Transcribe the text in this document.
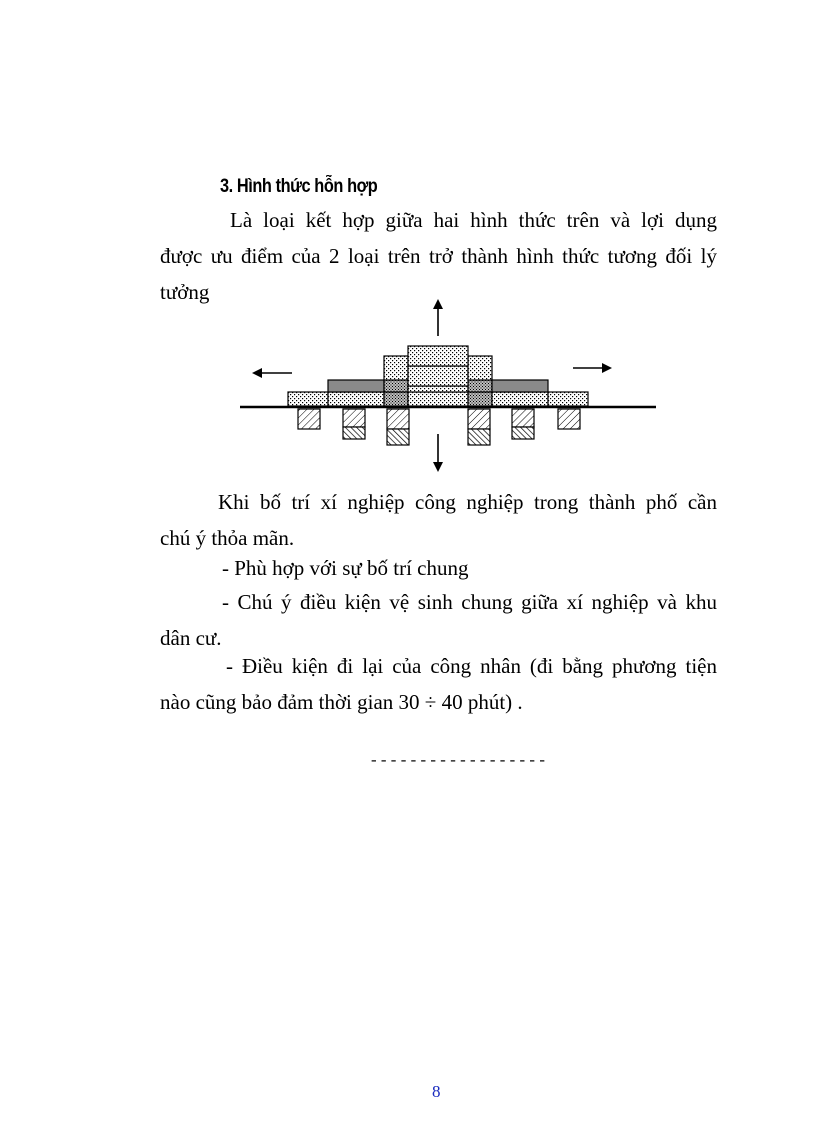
3. Hình thức hỗn hợp

Là loại kết hợp giữa hai hình thức trên và lợi dụng
được ưu điểm của 2 loại trên trở thành hình thức tương đối lý
tưởng

Khi bố trí xí nghiệp công nghiệp trong thành phố cần
chú ý thỏa mãn.

- Phù hợp với sự bố trí chung

- Chú ý điều kiện vệ sinh chung giữa xí nghiệp và khu
dân cư.

- Điều kiện đi lại của công nhân (đi bằng phương tiện
nào cũng bảo đảm thời gian 30 ÷ 40 phút) .

------------------
8
